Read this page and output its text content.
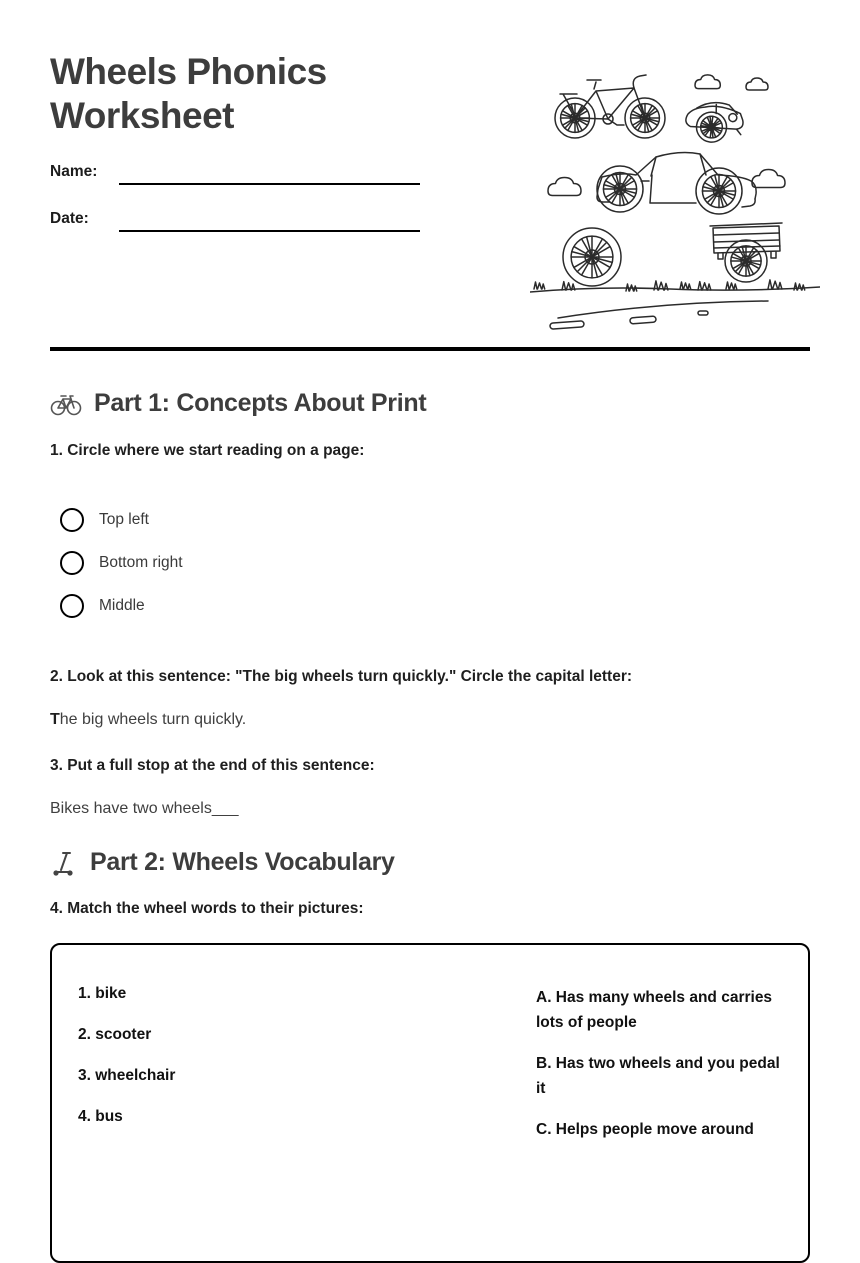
Wheels Phonics Worksheet
Name:
Date:
Part 1: Concepts About Print

1. Circle where we start reading on a page:

Top left
Bottom right
Middle

2. Look at this sentence: "The big wheels turn quickly." Circle the capital letter:

The big wheels turn quickly.

3. Put a full stop at the end of this sentence:

Bikes have two wheels___

Part 2: Wheels Vocabulary

4. Match the wheel words to their pictures:

1. bike

2. scooter

3. wheelchair

4. bus

A. Has many wheels and carries lots of people

B. Has two wheels and you pedal it

C. Helps people move around
